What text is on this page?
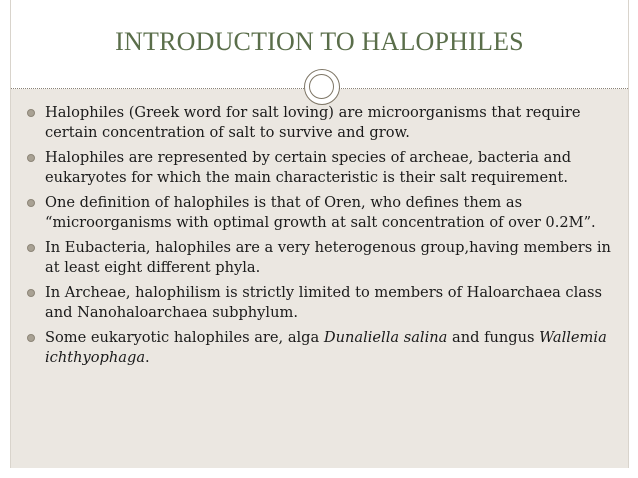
INTRODUCTION TO HALOPHILES
Halophiles (Greek word for salt loving) are microorganisms that require certain concentration of salt to survive and grow.
Halophiles are represented by certain species of archeae, bacteria and eukaryotes for which the main characteristic is their salt requirement.
One definition of halophiles is that of Oren, who defines them as “microorganisms with optimal growth at salt concentration of over 0.2M”.
In Eubacteria, halophiles are a very heterogenous group,having members in at least eight different phyla.
In Archeae, halophilism is strictly limited to members of Haloarchaea class and Nanohaloarchaea subphylum.
Some eukaryotic halophiles are, alga Dunaliella salina and fungus Wallemia ichthyophaga.
